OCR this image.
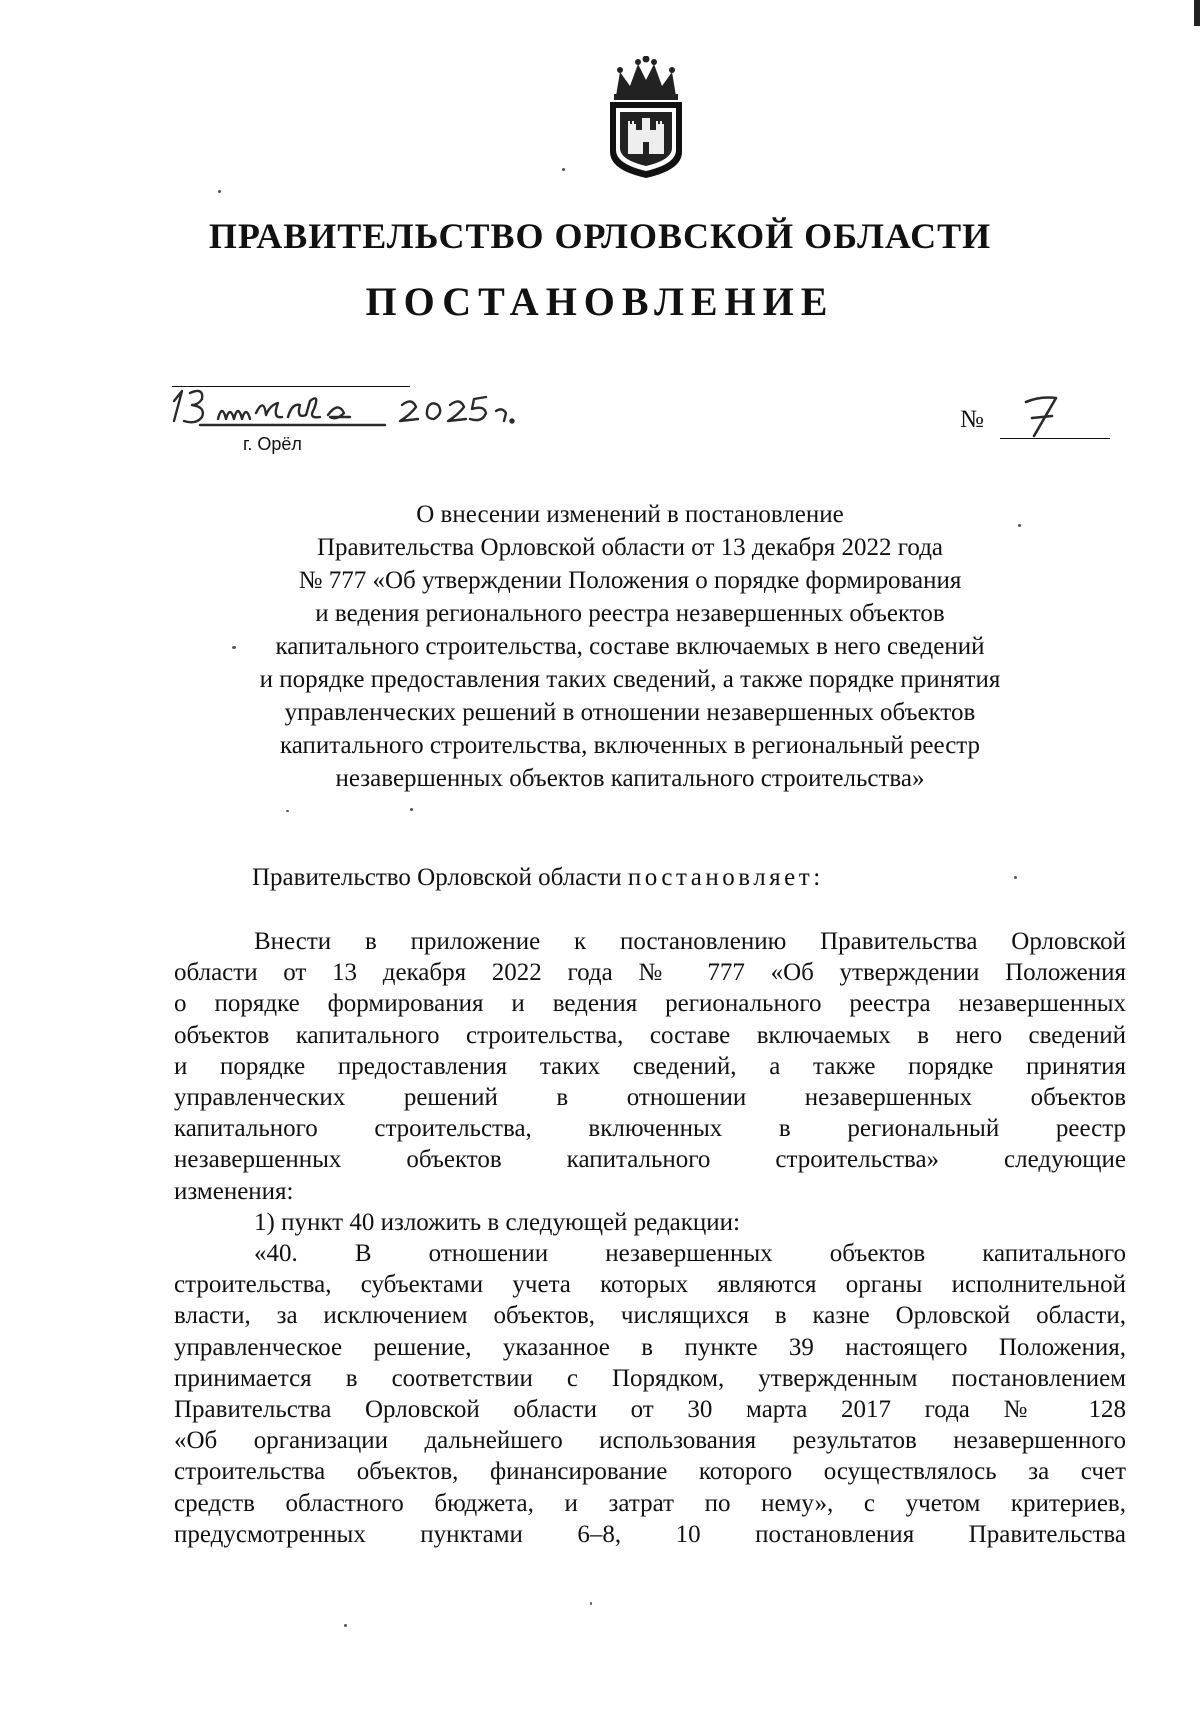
ПРАВИТЕЛЬСТВО ОРЛОВСКОЙ ОБЛАСТИ
ПОСТАНОВЛЕНИЕ
г. Орёл
№
О внесении изменений в постановление
Правительства Орловской области от 13 декабря 2022 года
№ 777 «Об утверждении Положения о порядке формирования
и ведения регионального реестра незавершенных объектов
капитального строительства, составе включаемых в него сведений
и порядке предоставления таких сведений, а также порядке принятия
управленческих решений в отношении незавершенных объектов
капитального строительства, включенных в региональный реестр
незавершенных объектов капитального строительства»
Правительство Орловской области постановляет:
Внести в приложение к постановлению Правительства Орловской
области от 13 декабря 2022 года № 777 «Об утверждении Положения
о порядке формирования и ведения регионального реестра незавершенных
объектов капитального строительства, составе включаемых в него сведений
и порядке предоставления таких сведений, а также порядке принятия
управленческих решений в отношении незавершенных объектов
капитального строительства, включенных в региональный реестр
незавершенных объектов капитального строительства» следующие
изменения:
1) пункт 40 изложить в следующей редакции:
«40. В отношении незавершенных объектов капитального
строительства, субъектами учета которых являются органы исполнительной
власти, за исключением объектов, числящихся в казне Орловской области,
управленческое решение, указанное в пункте 39 настоящего Положения,
принимается в соответствии с Порядком, утвержденным постановлением
Правительства Орловской области от 30 марта 2017 года № 128
«Об организации дальнейшего использования результатов незавершенного
строительства объектов, финансирование которого осуществлялось за счет
средств областного бюджета, и затрат по нему», с учетом критериев,
предусмотренных пунктами 6–8, 10 постановления Правительства
